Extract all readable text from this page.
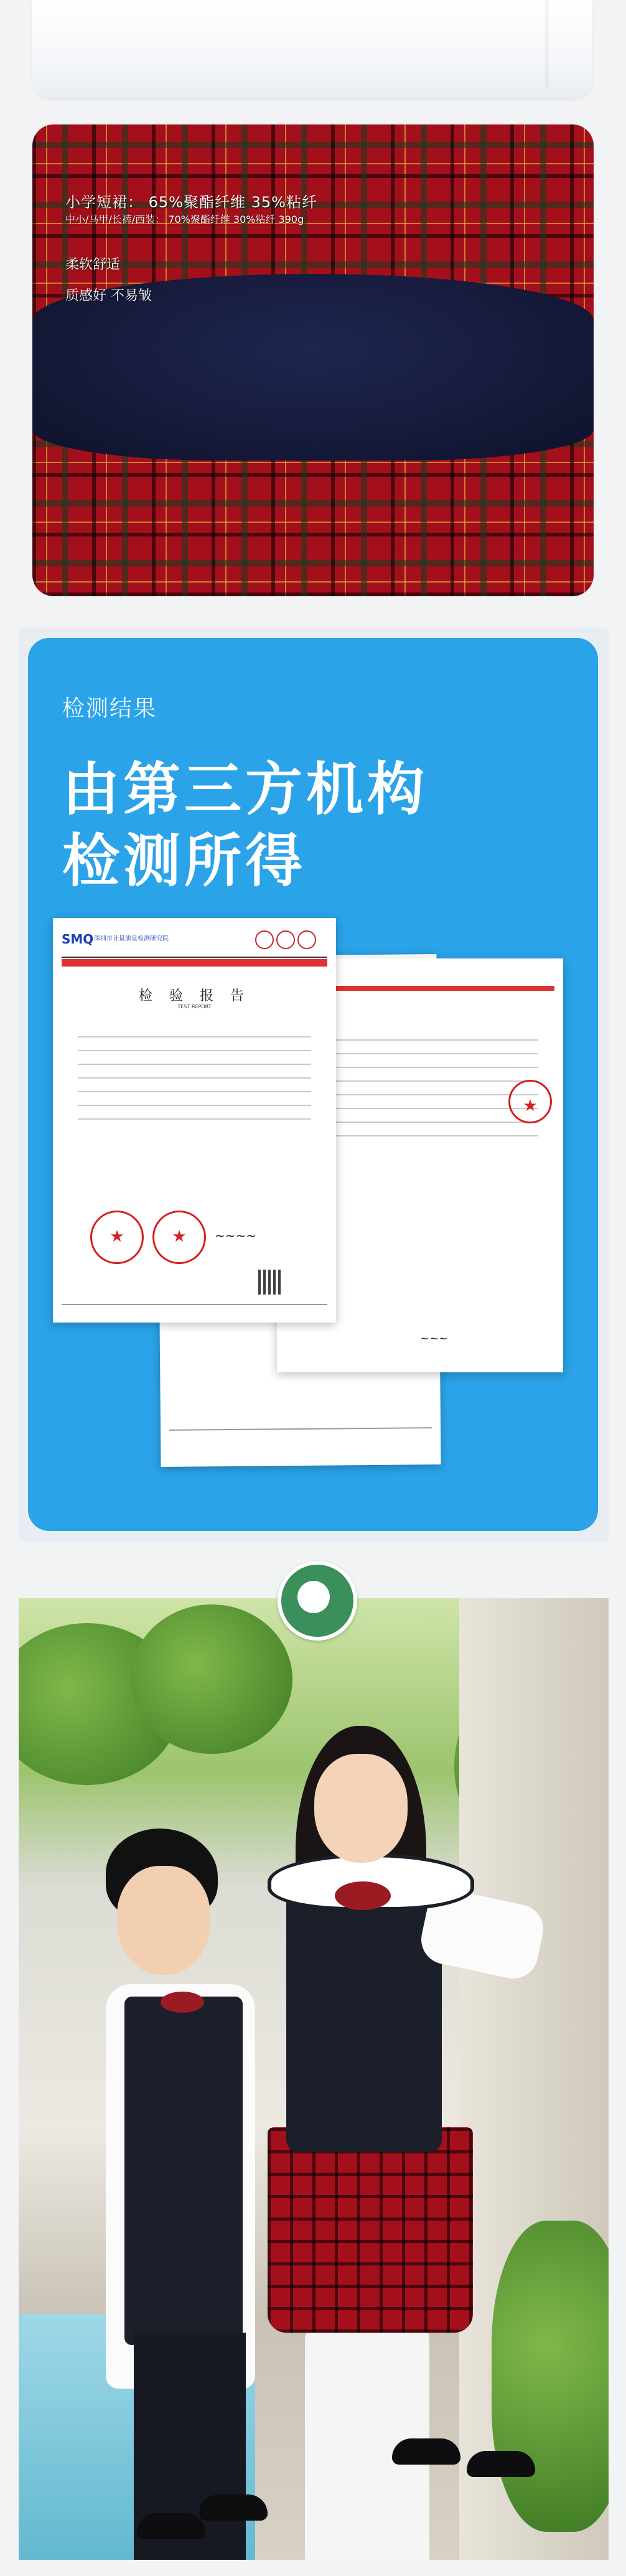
小学短裙： 65%聚酯纤维 35%粘纤
中小/马甲/长裤/西装： 70%聚酯纤维 30%粘纤 390g
柔软舒适
质感好 不易皱
检测结果
由第三方机构
检测所得
★
~~~
SMQ 深圳市计量质量检测研究院
检 验 报 告
TEST REPORT
★
★
~~~~
